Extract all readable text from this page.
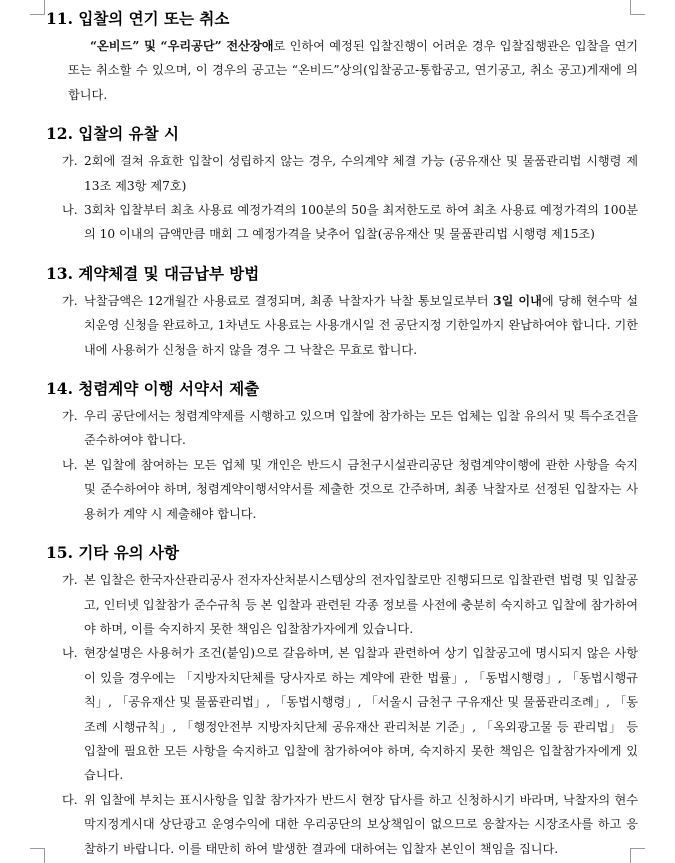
11. 입찰의 연기 또는 취소

“온비드” 및 “우리공단” 전산장애로 인하여 예정된 입찰진행이 어려운 경우 입찰집행관은 입찰을 연기 또는 취소할 수 있으며, 이 경우의 공고는 “온비드”상의(입찰공고-통합공고, 연기공고, 취소 공고)게재에 의합니다.

12. 입찰의 유찰 시

가. 2회에 걸쳐 유효한 입찰이 성립하지 않는 경우, 수의계약 체결 가능 (공유재산 및 물품관리법 시행령 제13조 제3항 제7호)

나. 3회차 입찰부터 최초 사용료 예정가격의 100분의 50을 최저한도로 하여 최초 사용료 예정가격의 100분의 10 이내의 금액만큼 매회 그 예정가격을 낮추어 입찰(공유재산 및 물품관리법 시행령 제15조)

13. 계약체결 및 대금납부 방법

가. 낙찰금액은 12개월간 사용료로 결정되며, 최종 낙찰자가 낙찰 통보일로부터 3일 이내에 당해 현수막 설치운영 신청을 완료하고, 1차년도 사용료는 사용개시일 전 공단지정 기한일까지 완납하여야 합니다. 기한 내에 사용허가 신청을 하지 않을 경우 그 낙찰은 무효로 합니다.

14. 청렴계약 이행 서약서 제출

가. 우리 공단에서는 청렴계약제를 시행하고 있으며 입찰에 참가하는 모든 업체는 입찰 유의서 및 특수조건을 준수하여야 합니다.

나. 본 입찰에 참여하는 모든 업체 및 개인은 반드시 금천구시설관리공단 청렴계약이행에 관한 사항을 숙지 및 준수하여야 하며, 청렴계약이행서약서를 제출한 것으로 간주하며, 최종 낙찰자로 선정된 입찰자는 사용허가 계약 시 제출해야 합니다.

15. 기타 유의 사항

가. 본 입찰은 한국자산관리공사 전자자산처분시스템상의 전자입찰로만 진행되므로 입찰관련 법령 및 입찰공고, 인터넷 입찰참가 준수규칙 등 본 입찰과 관련된 각종 정보를 사전에 충분히 숙지하고 입찰에 참가하여야 하며, 이를 숙지하지 못한 책임은 입찰참가자에게 있습니다.

나. 현장설명은 사용허가 조건(붙임)으로 갈음하며, 본 입찰과 관련하여 상기 입찰공고에 명시되지 않은 사항이 있을 경우에는 「지방자치단체를 당사자로 하는 계약에 관한 법률」, 「동법시행령」, 「동법시행규칙」, 「공유재산 및 물품관리법」, 「동법시행령」, 「서울시 금천구 구유재산 및 물품관리조례」, 「동 조례 시행규칙」, 「행정안전부 지방자치단체 공유재산 관리처분 기준」, 「옥외광고물 등 관리법」 등 입찰에 필요한 모든 사항을 숙지하고 입찰에 참가하여야 하며, 숙지하지 못한 책임은 입찰참가자에게 있습니다.

다. 위 입찰에 부치는 표시사항을 입찰 참가자가 반드시 현장 답사를 하고 신청하시기 바라며, 낙찰자의 현수막지정게시대 상단광고 운영수익에 대한 우리공단의 보상책임이 없으므로 응찰자는 시장조사를 하고 응찰하기 바랍니다. 이를 태만히 하여 발생한 결과에 대하여는 입찰자 본인이 책임을 집니다.
